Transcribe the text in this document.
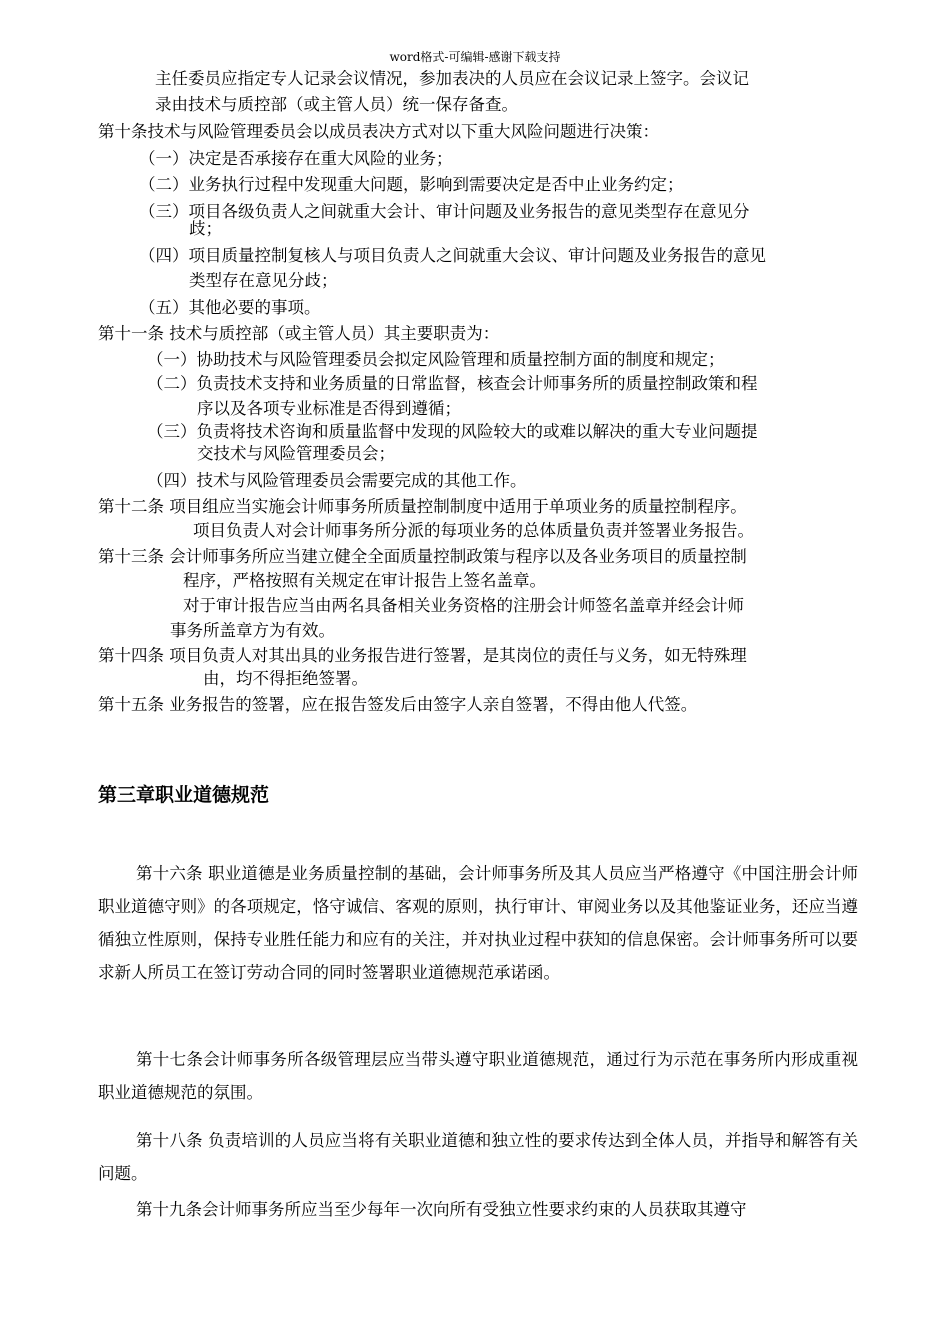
word格式-可编辑-感谢下载支持
主任委员应指定专人记录会议情况，参加表决的人员应在会议记录上签字。会议记
录由技术与质控部（或主管人员）统一保存备查。
第十条技术与风险管理委员会以成员表决方式对以下重大风险问题进行决策：
（一）决定是否承接存在重大风险的业务；
（二）业务执行过程中发现重大问题，影响到需要决定是否中止业务约定；
（三）项目各级负责人之间就重大会计、审计问题及业务报告的意见类型存在意见分
歧；
（四）项目质量控制复核人与项目负责人之间就重大会议、审计问题及业务报告的意见
类型存在意见分歧；
（五）其他必要的事项。
第十一条 技术与质控部（或主管人员）其主要职责为：
（一）协助技术与风险管理委员会拟定风险管理和质量控制方面的制度和规定；
（二）负责技术支持和业务质量的日常监督，核查会计师事务所的质量控制政策和程
序以及各项专业标准是否得到遵循；
（三）负责将技术咨询和质量监督中发现的风险较大的或难以解决的重大专业问题提
交技术与风险管理委员会；
（四）技术与风险管理委员会需要完成的其他工作。
第十二条 项目组应当实施会计师事务所质量控制制度中适用于单项业务的质量控制程序。
项目负责人对会计师事务所分派的每项业务的总体质量负责并签署业务报告。
第十三条 会计师事务所应当建立健全全面质量控制政策与程序以及各业务项目的质量控制
程序，严格按照有关规定在审计报告上签名盖章。
对于审计报告应当由两名具备相关业务资格的注册会计师签名盖章并经会计师
事务所盖章方为有效。
第十四条 项目负责人对其出具的业务报告进行签署，是其岗位的责任与义务，如无特殊理
由，均不得拒绝签署。
第十五条 业务报告的签署，应在报告签发后由签字人亲自签署，不得由他人代签。
第三章职业道德规范
第十六条 职业道德是业务质量控制的基础，会计师事务所及其人员应当严格遵守《中国注册会计师职业道德守则》的各项规定，恪守诚信、客观的原则，执行审计、审阅业务以及其他鉴证业务，还应当遵循独立性原则，保持专业胜任能力和应有的关注，并对执业过程中获知的信息保密。会计师事务所可以要求新人所员工在签订劳动合同的同时签署职业道德规范承诺函。
第十七条会计师事务所各级管理层应当带头遵守职业道德规范，通过行为示范在事务所内形成重视职业道德规范的氛围。
第十八条 负责培训的人员应当将有关职业道德和独立性的要求传达到全体人员，并指导和解答有关问题。
第十九条会计师事务所应当至少每年一次向所有受独立性要求约束的人员获取其遵守
